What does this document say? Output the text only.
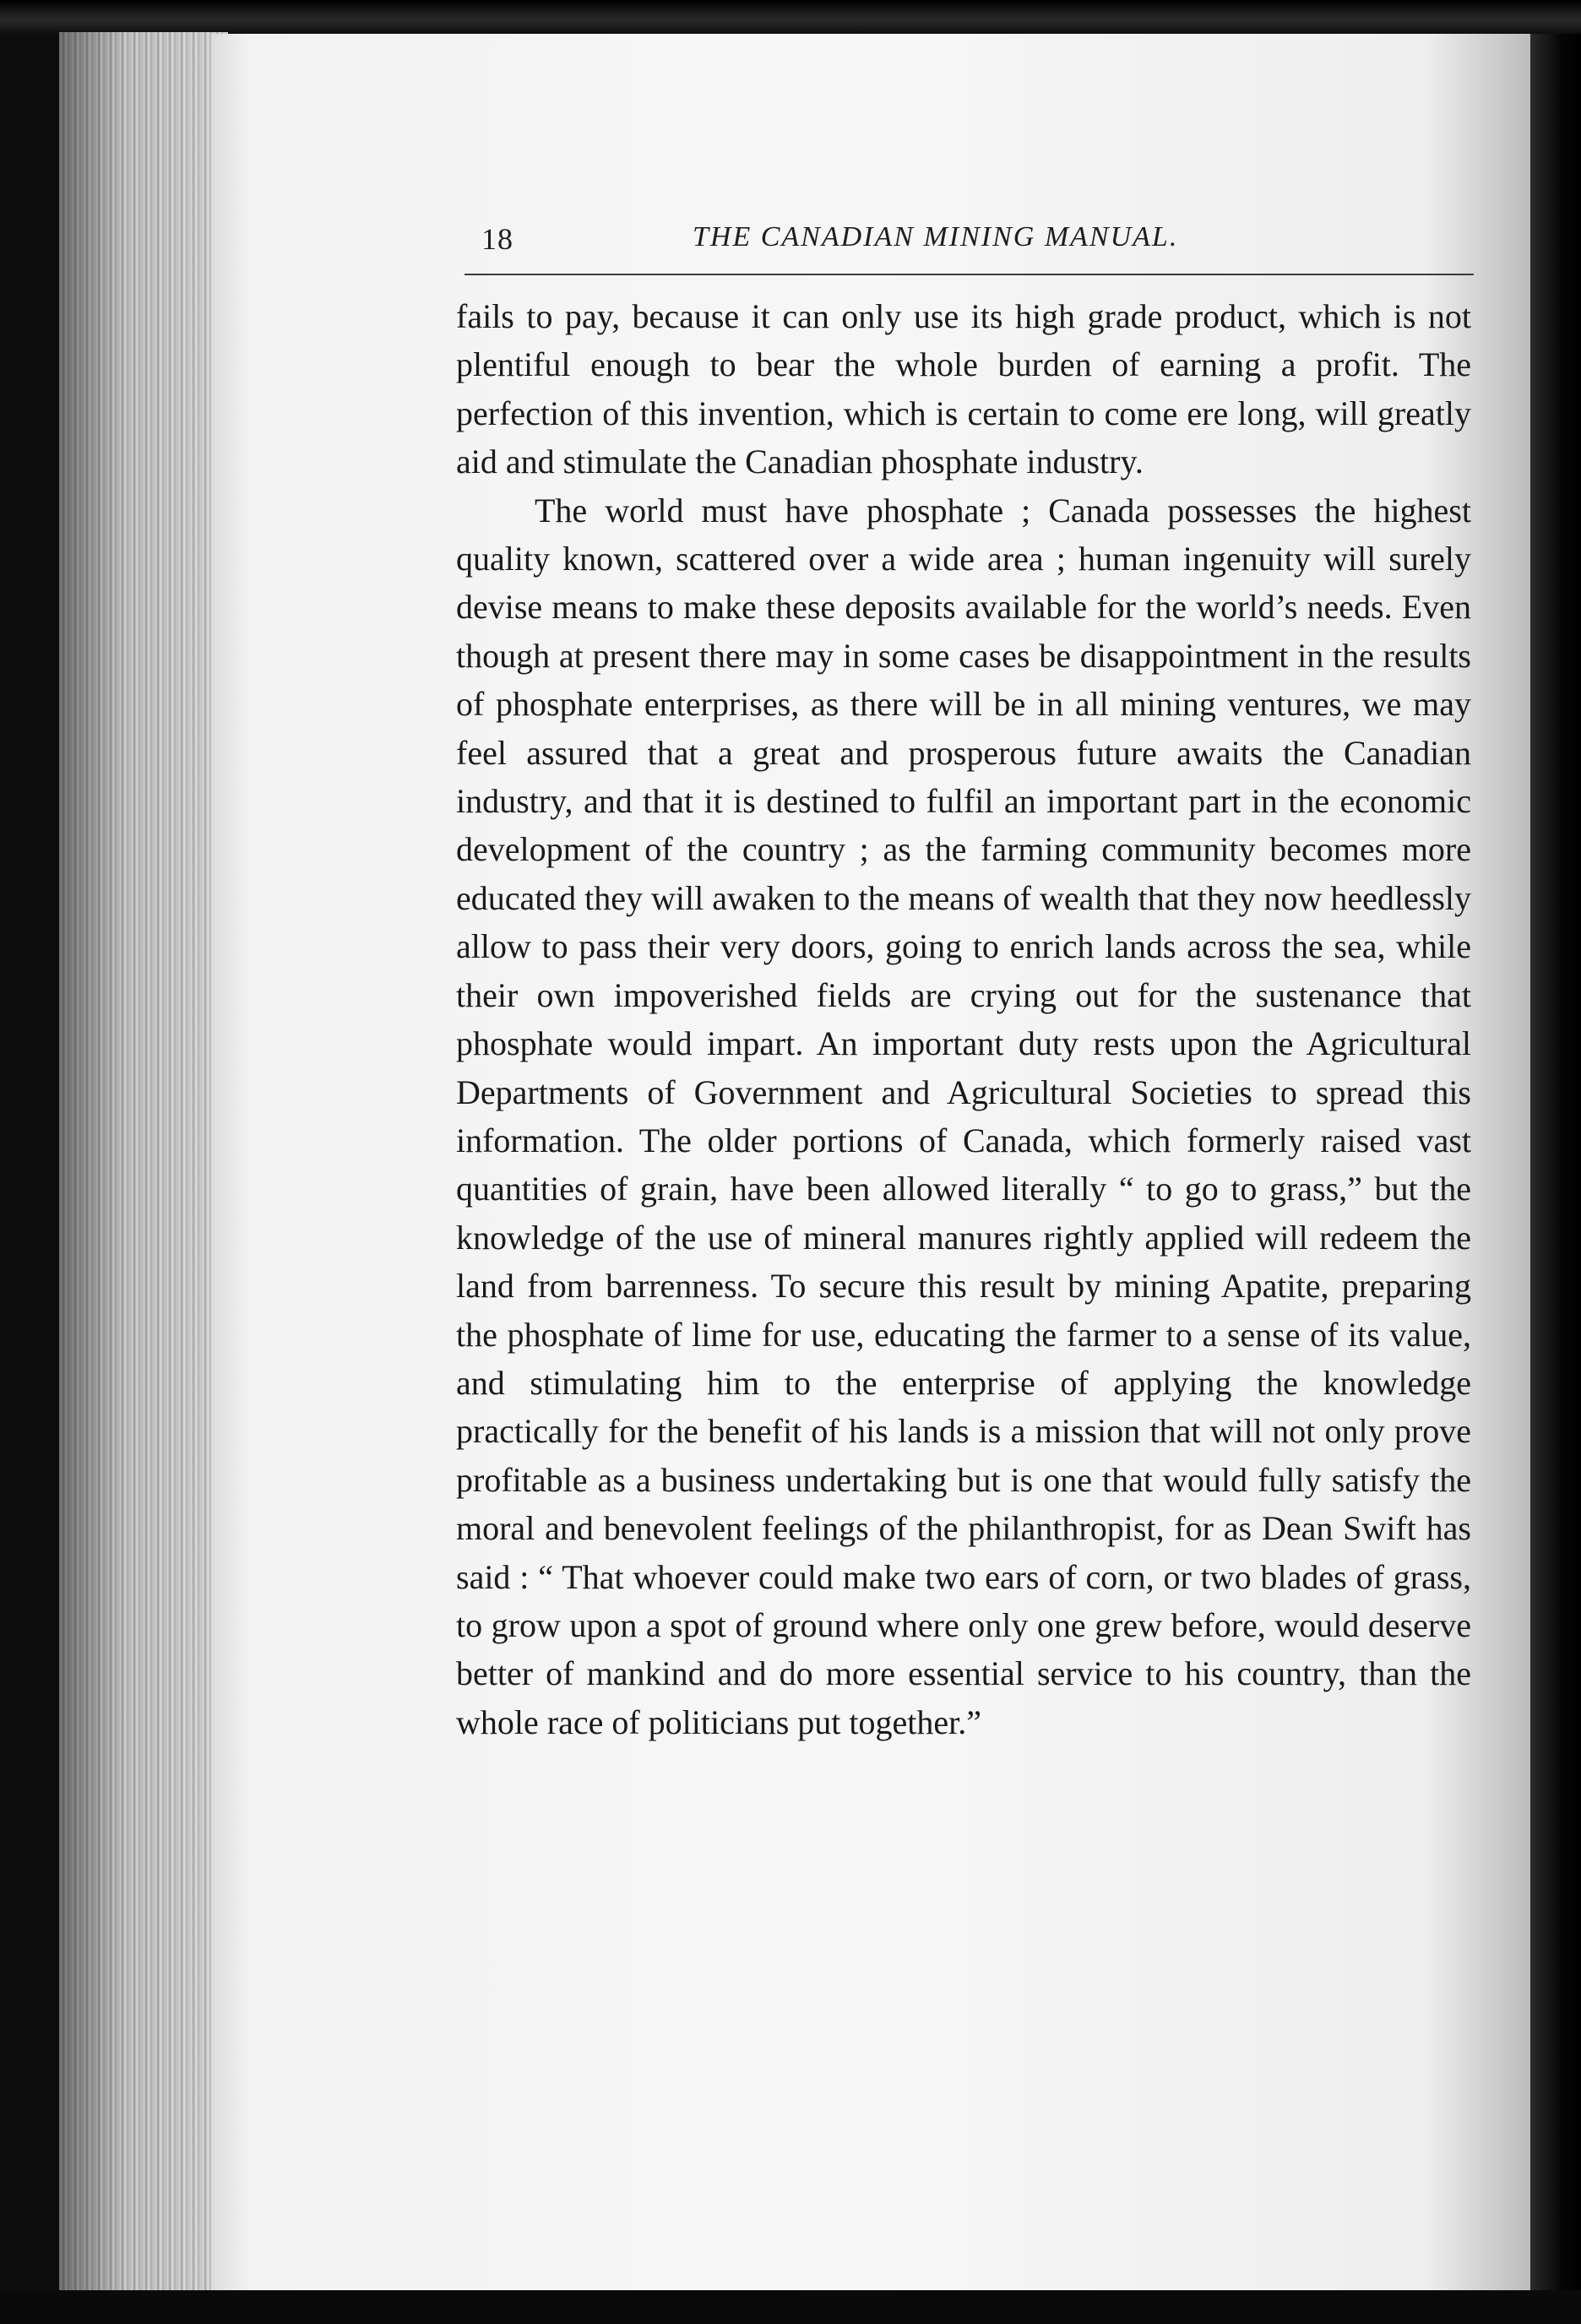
18	THE CANADIAN MINING MANUAL.

fails to pay, because it can only use its high grade product, which is not plentiful enough to bear the whole burden of earning a profit. The perfection of this invention, which is certain to come ere long, will greatly aid and stimulate the Canadian phosphate industry.

The world must have phosphate ; Canada possesses the highest quality known, scattered over a wide area ; human ingenuity will surely devise means to make these deposits available for the world’s needs. Even though at present there may in some cases be disappointment in the results of phosphate enterprises, as there will be in all mining ventures, we may feel assured that a great and prosperous future awaits the Canadian industry, and that it is destined to fulfil an important part in the economic development of the country ; as the farming community becomes more educated they will awaken to the means of wealth that they now heedlessly allow to pass their very doors, going to enrich lands across the sea, while their own impoverished fields are crying out for the sustenance that phosphate would impart. An important duty rests upon the Agricultural Departments of Government and Agricultural Societies to spread this information. The older portions of Canada, which formerly raised vast quantities of grain, have been allowed literally “ to go to grass,” but the knowledge of the use of mineral manures rightly applied will redeem the land from barrenness. To secure this result by mining Apatite, preparing the phosphate of lime for use, educating the farmer to a sense of its value, and stimulating him to the enterprise of applying the knowledge practically for the benefit of his lands is a mission that will not only prove profitable as a business undertaking but is one that would fully satisfy the moral and benevolent feelings of the philanthropist, for as Dean Swift has said : “ That whoever could make two ears of corn, or two blades of grass, to grow upon a spot of ground where only one grew before, would deserve better of mankind and do more essential service to his country, than the whole race of politicians put together.”
